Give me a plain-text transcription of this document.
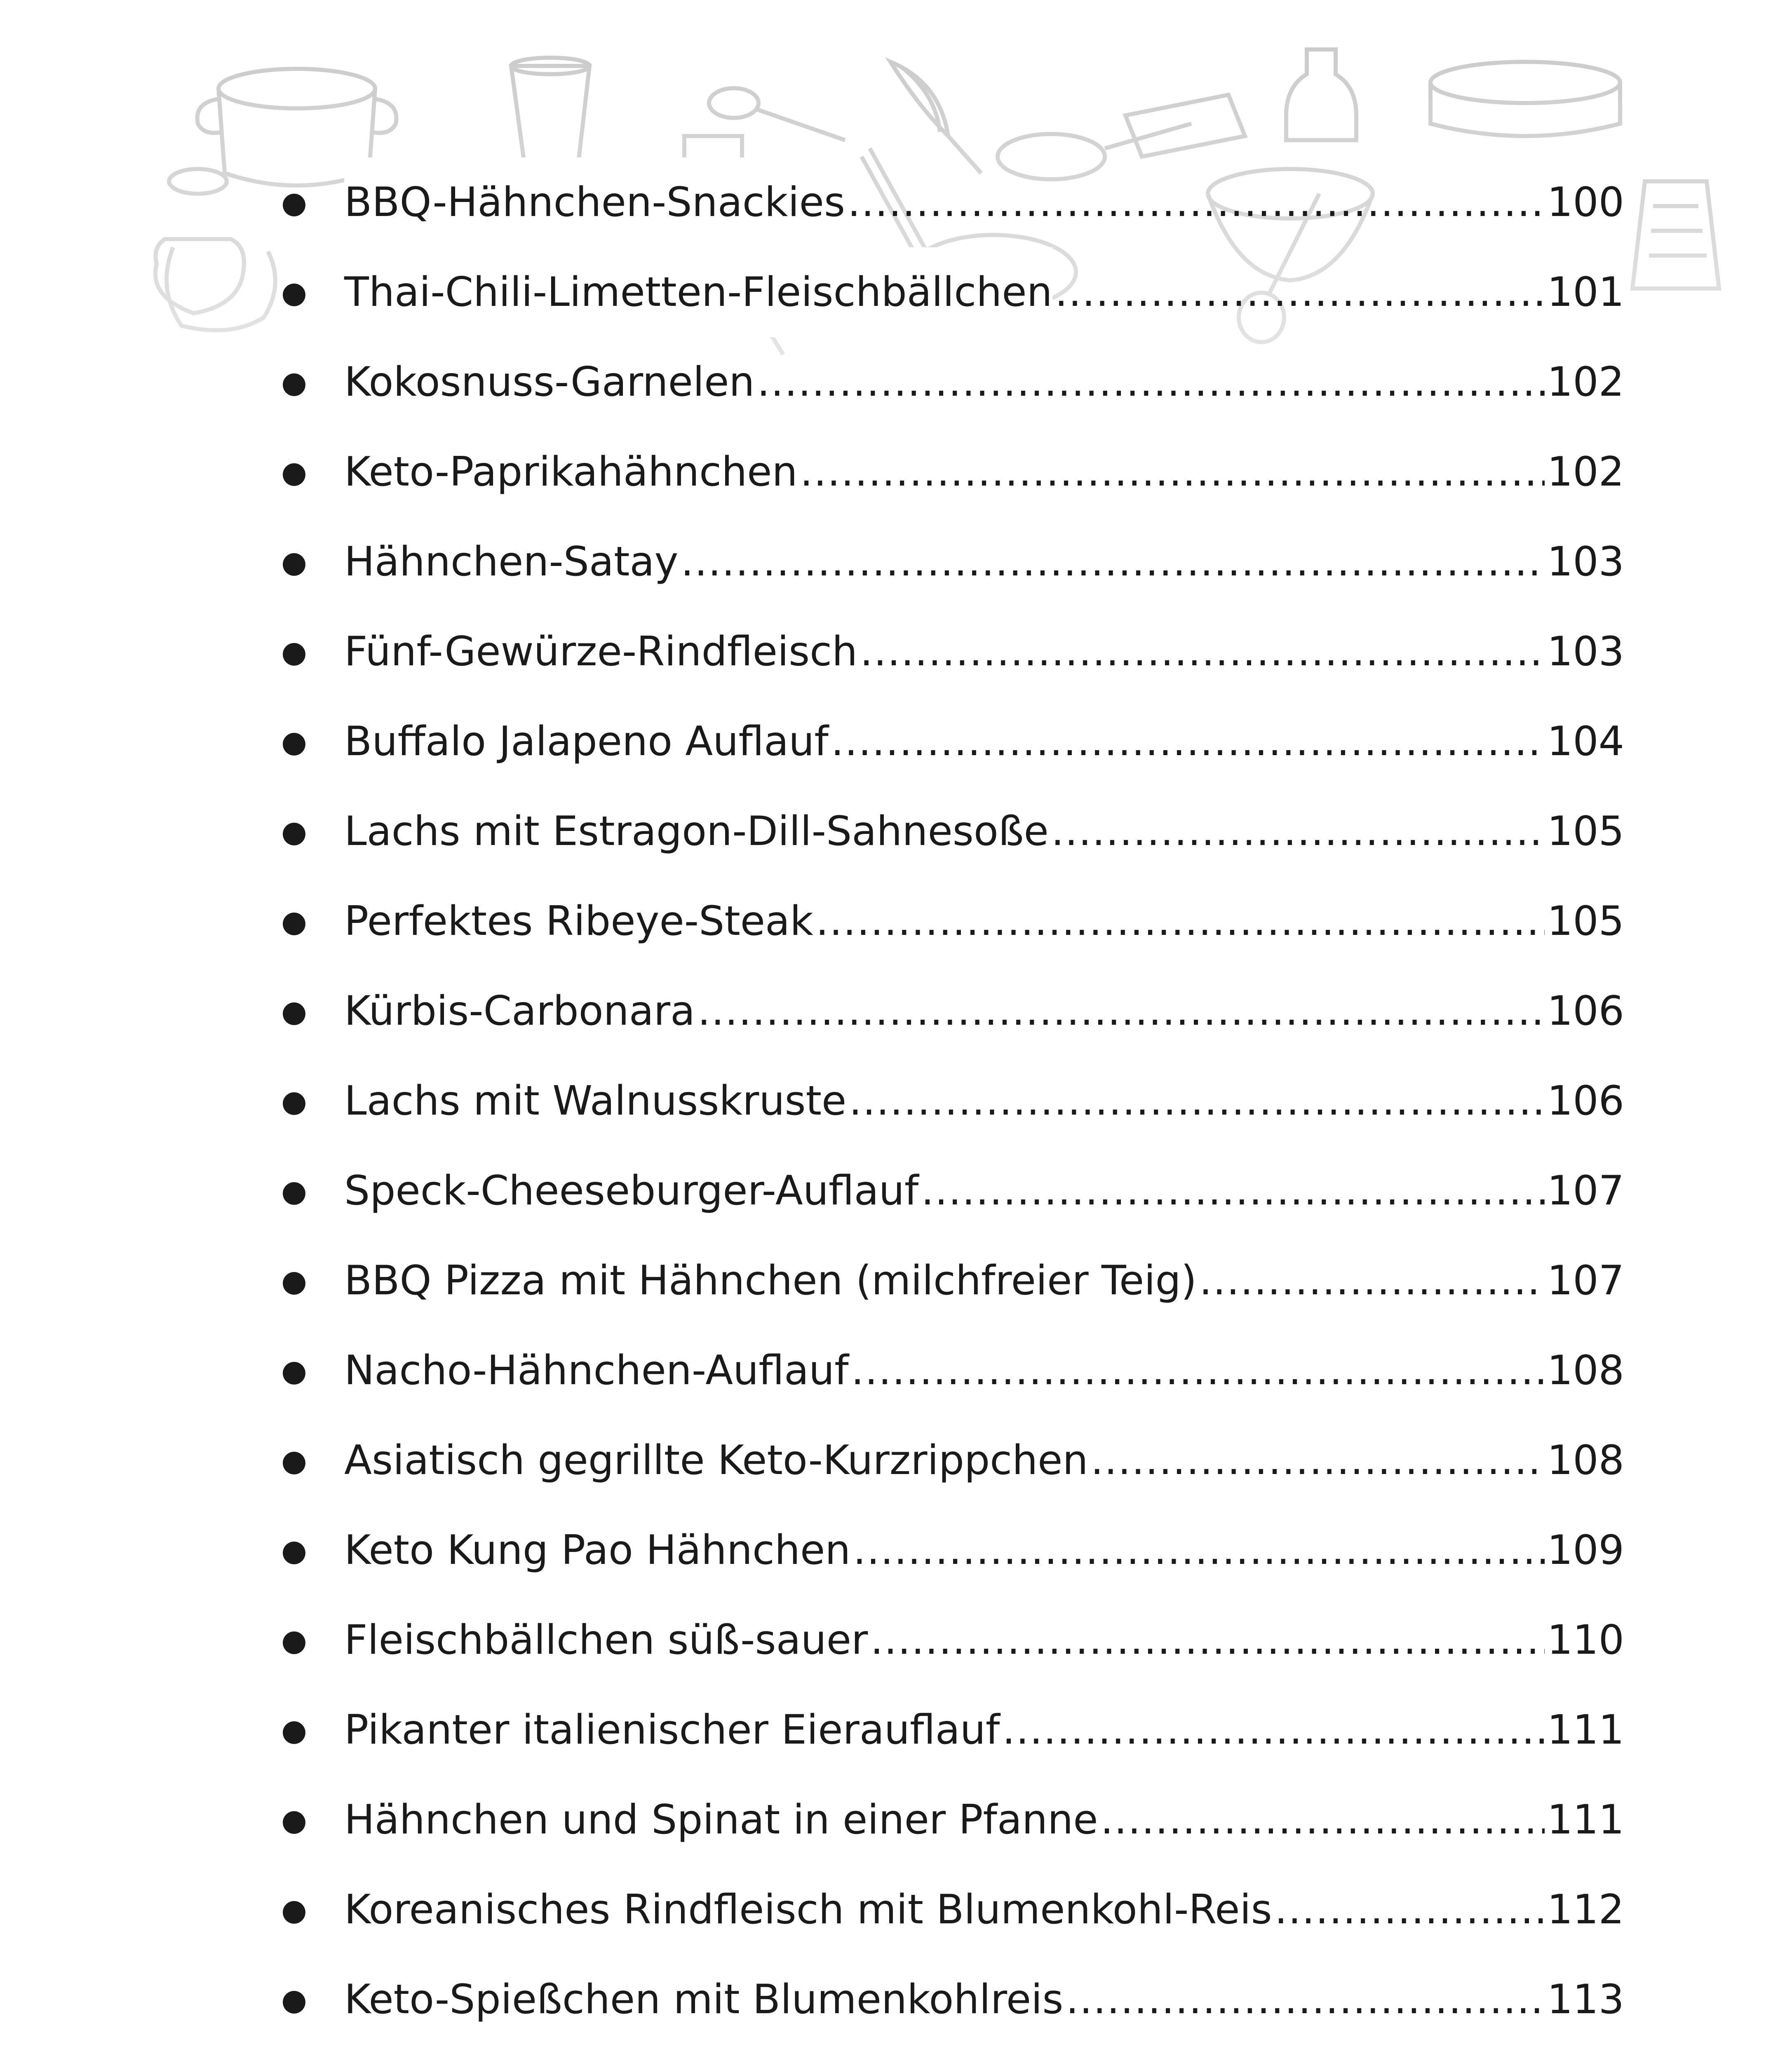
● BBQ-Hähnchen-Snackies .....	100
● Thai-Chili-Limetten-Fleischbällchen .....	101
● Kokosnuss-Garnelen .....	102
● Keto-Paprikahähnchen .....	102
● Hähnchen-Satay .....	103
● Fünf-Gewürze-Rindfleisch .....	103
● Buffalo Jalapeno Auflauf .....	104
● Lachs mit Estragon-Dill-Sahnesoße .....	105
● Perfektes Ribeye-Steak .....	105
● Kürbis-Carbonara .....	106
● Lachs mit Walnusskruste .....	106
● Speck-Cheeseburger-Auflauf .....	107
● BBQ Pizza mit Hähnchen (milchfreier Teig) .....	107
● Nacho-Hähnchen-Auflauf .....	108
● Asiatisch gegrillte Keto-Kurzrippchen .....	108
● Keto Kung Pao Hähnchen .....	109
● Fleischbällchen süß-sauer .....	110
● Pikanter italienischer Eierauflauf .....	111
● Hähnchen und Spinat in einer Pfanne .....	111
● Koreanisches Rindfleisch mit Blumenkohl-Reis .....	112
● Keto-Spießchen mit Blumenkohlreis .....	113
.....
